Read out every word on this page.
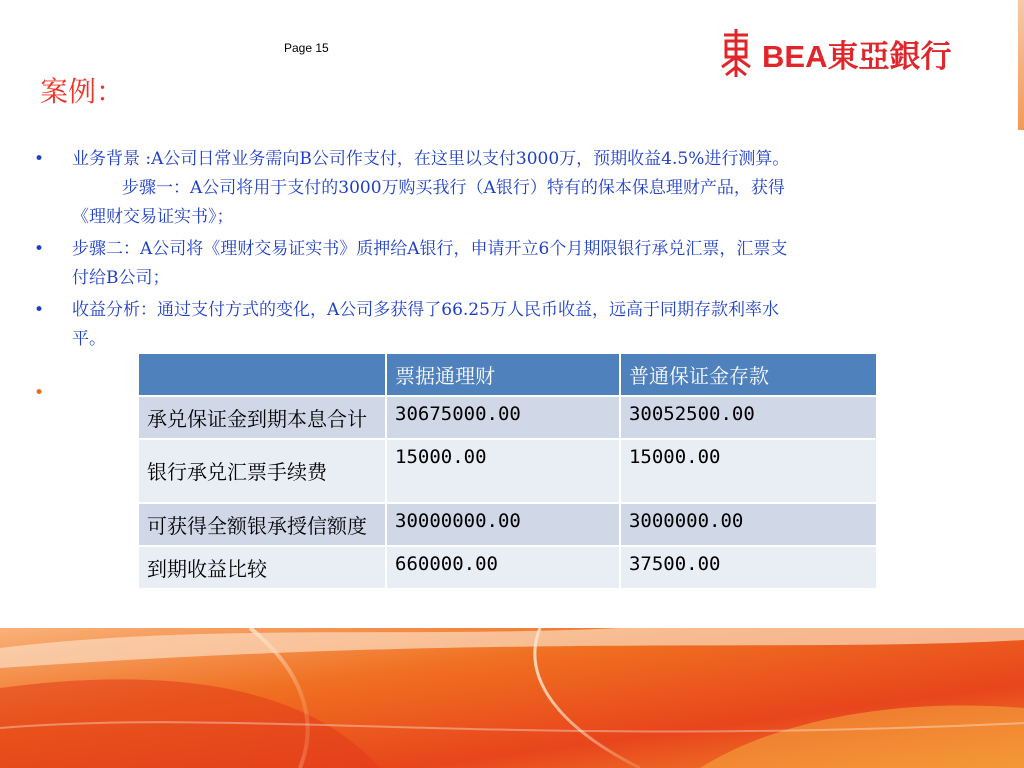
Page 15	BEA東亞銀行
案例：

• 业务背景 :A公司日常业务需向B公司作支付，在这里以支付3000万，预期收益4.5%进行测算。

步骤一：A公司将用于支付的3000万购买我行（A银行）特有的保本保息理财产品，获得

《理财交易证实书》；

• 步骤二：A公司将《理财交易证实书》质押给A银行，申请开立6个月期限银行承兑汇票，汇票支

付给B公司；

• 收益分析：通过支付方式的变化，A公司多获得了66.25万人民币收益，远高于同期存款利率水

平。

•
	票据通理财	普通保证金存款
承兑保证金到期本息合计	30675000.00	30052500.00
银行承兑汇票手续费	15000.00	15000.00
可获得全额银承授信额度	30000000.00	3000000.00
到期收益比较	660000.00	37500.00
